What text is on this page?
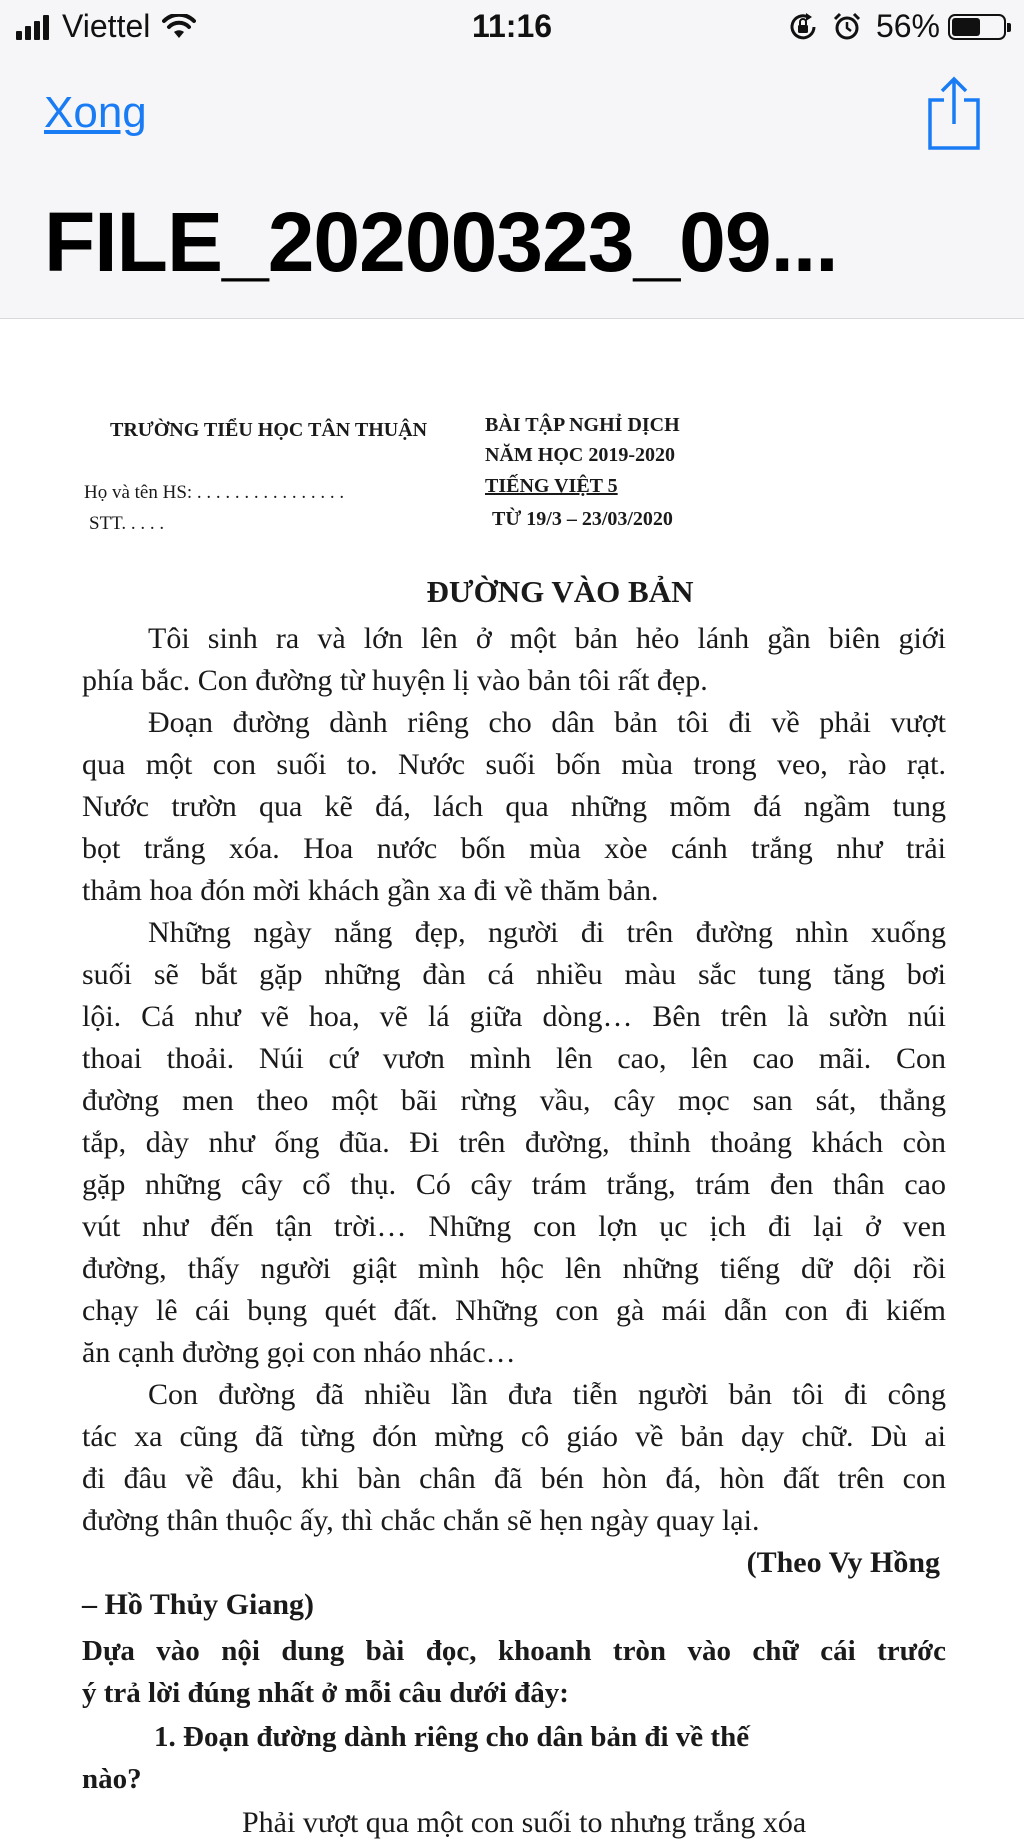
Viettel	11:16	56%
Xong
FILE_20200323_09...
TRƯỜNG TIỂU HỌC TÂN THUẬN	BÀI TẬP NGHỈ DỊCH
NĂM HỌC 2019-2020
Họ và tên HS: . . . . . . . . . . . . . . . .	TIẾNG VIỆT 5
STT. . . . .	TỪ 19/3 – 23/03/2020
ĐƯỜNG VÀO BẢN
Tôi sinh ra và lớn lên ở một bản hẻo lánh gần biên giới
phía bắc. Con đường từ huyện lị vào bản tôi rất đẹp.
Đoạn đường dành riêng cho dân bản tôi đi về phải vượt
qua một con suối to. Nước suối bốn mùa trong veo, rào rạt.
Nước trườn qua kẽ đá, lách qua những mõm đá ngầm tung
bọt trắng xóa. Hoa nước bốn mùa xòe cánh trắng như trải
thảm hoa đón mời khách gần xa đi về thăm bản.
Những ngày nắng đẹp, người đi trên đường nhìn xuống
suối sẽ bắt gặp những đàn cá nhiều màu sắc tung tăng bơi
lội. Cá như vẽ hoa, vẽ lá giữa dòng… Bên trên là sườn núi
thoai thoải. Núi cứ vươn mình lên cao, lên cao mãi. Con
đường men theo một bãi rừng vầu, cây mọc san sát, thẳng
tắp, dày như ống đũa. Đi trên đường, thỉnh thoảng khách còn
gặp những cây cổ thụ. Có cây trám trắng, trám đen thân cao
vút như đến tận trời… Những con lợn ục ịch đi lại ở ven
đường, thấy người giật mình hộc lên những tiếng dữ dội rồi
chạy lê cái bụng quét đất. Những con gà mái dẫn con đi kiếm
ăn cạnh đường gọi con nháo nhác…
Con đường đã nhiều lần đưa tiễn người bản tôi đi công
tác xa cũng đã từng đón mừng cô giáo về bản dạy chữ. Dù ai
đi đâu về đâu, khi bàn chân đã bén hòn đá, hòn đất trên con
đường thân thuộc ấy, thì chắc chắn sẽ hẹn ngày quay lại.
(Theo Vy Hồng
– Hồ Thủy Giang)
Dựa vào nội dung bài đọc, khoanh tròn vào chữ cái trước
ý trả lời đúng nhất ở mỗi câu dưới đây:
1. Đoạn đường dành riêng cho dân bản đi về thế
nào?
Phải vượt qua một con suối to nhưng trắng xóa
